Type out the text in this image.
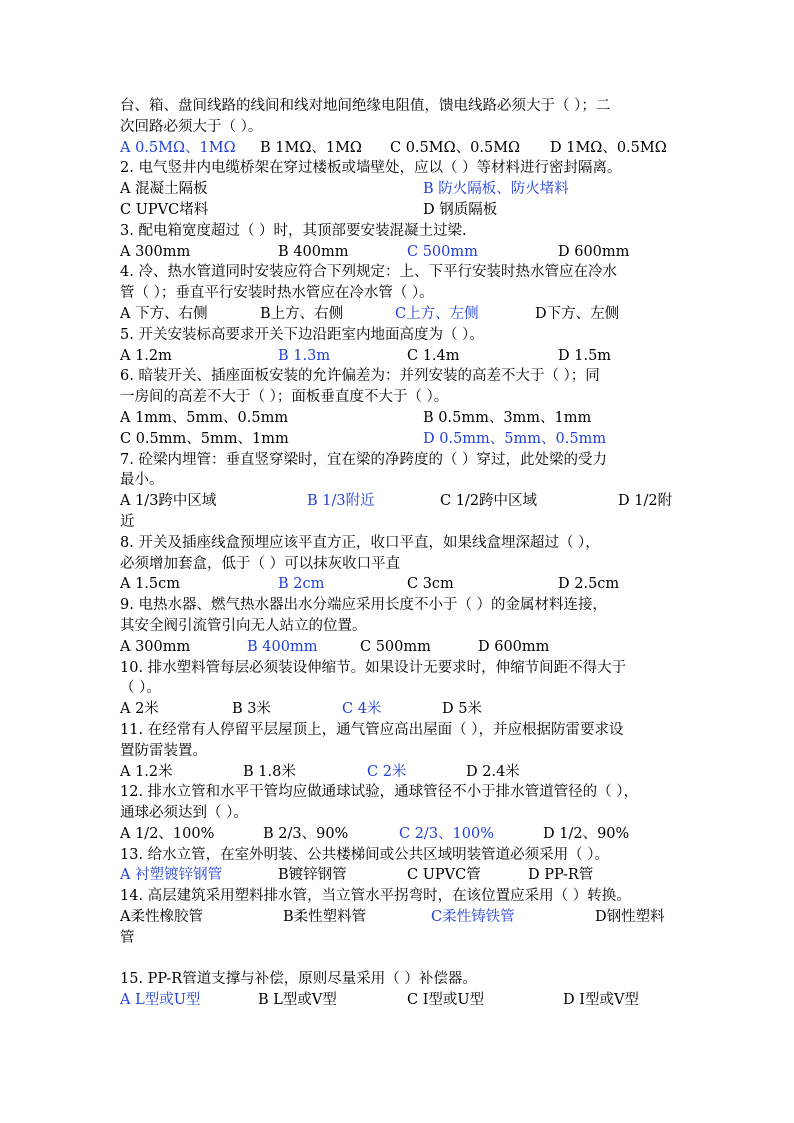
台、箱、盘间线路的线间和线对地间绝缘电阻值，馈电线路必须大于（ ）；二
次回路必须大于（ ）。
A 0.5MΩ、1MΩ B 1MΩ、1MΩ C 0.5MΩ、0.5MΩ D 1MΩ、0.5MΩ
2. 电气竖井内电缆桥架在穿过楼板或墙壁处，应以（ ）等材料进行密封隔离。
A 混凝土隔板	B 防火隔板、防火堵料
C UPVC堵料	D 钢质隔板
3. 配电箱宽度超过（ ）时，其顶部要安装混凝土过梁.
A 300mm	B 400mm	C 500mm	D 600mm
4. 冷、热水管道同时安装应符合下列规定：上、下平行安装时热水管应在冷水
管（ ）；垂直平行安装时热水管应在冷水管（ ）。
A 下方、右侧	B上方、右侧	C上方、左侧	D下方、左侧
5. 开关安装标高要求开关下边沿距室内地面高度为（ ）。
A 1.2m	B 1.3m	C 1.4m	D 1.5m
6. 暗装开关、插座面板安装的允许偏差为：并列安装的高差不大于（ ）；同
一房间的高差不大于（ ）；面板垂直度不大于（ ）。
A 1mm、5mm、0.5mm	B 0.5mm、3mm、1mm
C 0.5mm、5mm、1mm	D 0.5mm、5mm、0.5mm
7. 砼梁内埋管：垂直竖穿梁时，宜在梁的净跨度的（ ）穿过，此处梁的受力
最小。
A 1/3跨中区域	B 1/3附近	C 1/2跨中区域	D 1/2附
近
8. 开关及插座线盒预埋应该平直方正，收口平直，如果线盒埋深超过（ ），
必须增加套盒，低于（ ）可以抹灰收口平直
A 1.5cm	B 2cm	C 3cm	D 2.5cm
9. 电热水器、燃气热水器出水分端应采用长度不小于（ ）的金属材料连接，
其安全阀引流管引向无人站立的位置。
A 300mm	B 400mm	C 500mm	D 600mm
10. 排水塑料管每层必须装设伸缩节。如果设计无要求时，伸缩节间距不得大于
（ ）。
A 2米	B 3米	C 4米	D 5米
11. 在经常有人停留平层屋顶上，通气管应高出屋面（ ），并应根据防雷要求设
置防雷装置。
A 1.2米	B 1.8米	C 2米	D 2.4米
12. 排水立管和水平干管均应做通球试验，通球管径不小于排水管道管径的（ ），
通球必须达到（ ）。
A 1/2、100%	B 2/3、90%	C 2/3、100%	D 1/2、90%
13. 给水立管，在室外明装、公共楼梯间或公共区域明装管道必须采用（ ）。
A 衬塑镀锌钢管	B镀锌钢管	C UPVC管	D PP-R管
14. 高层建筑采用塑料排水管，当立管水平拐弯时，在该位置应采用（ ）转换。
A柔性橡胶管	B柔性塑料管	C柔性铸铁管	D钢性塑料
管
15. PP-R管道支撑与补偿，原则尽量采用（ ）补偿器。
A L型或U型	B L型或V型	C I型或U型	D I型或V型
